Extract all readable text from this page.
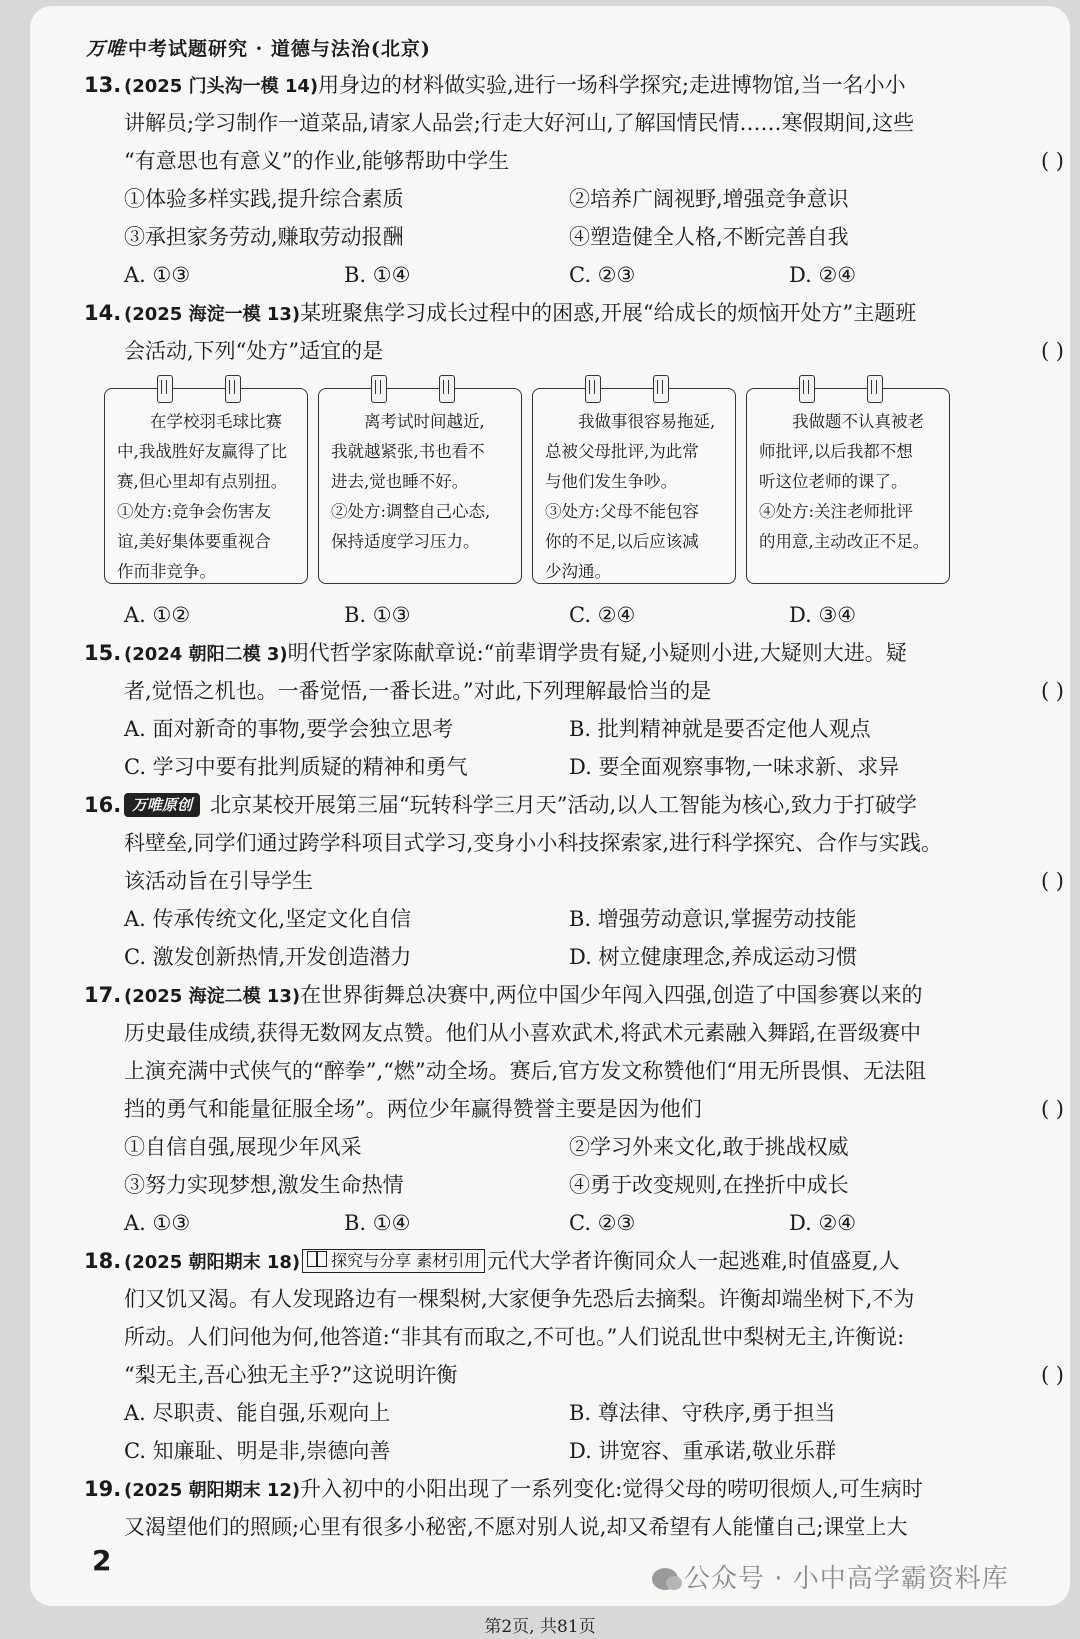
万唯 中考试题研究 · 道德与法治(北京)
13. (2025 门头沟一模 14)用身边的材料做实验,进行一场科学探究;走进博物馆,当一名小小
讲解员;学习制作一道菜品,请家人品尝;行走大好河山,了解国情民情……寒假期间,这些
“有意思也有意义”的作业,能够帮助中学生	( )
①体验多样实践,提升综合素质	②培养广阔视野,增强竞争意识
③承担家务劳动,赚取劳动报酬	④塑造健全人格,不断完善自我
A. ①③	B. ①④	C. ②③	D. ②④
14. (2025 海淀一模 13)某班聚焦学习成长过程中的困惑,开展“给成长的烦恼开处方”主题班
会活动,下列“处方”适宜的是	( )
在学校羽毛球比赛
中,我战胜好友赢得了比
赛,但心里却有点别扭。
①处方:竞争会伤害友
谊,美好集体要重视合
作而非竞争。
离考试时间越近,
我就越紧张,书也看不
进去,觉也睡不好。
②处方:调整自己心态,
保持适度学习压力。
我做事很容易拖延,
总被父母批评,为此常
与他们发生争吵。
③处方:父母不能包容
你的不足,以后应该减
少沟通。
我做题不认真被老
师批评,以后我都不想
听这位老师的课了。
④处方:关注老师批评
的用意,主动改正不足。
A. ①②	B. ①③	C. ②④	D. ③④
15. (2024 朝阳二模 3)明代哲学家陈献章说:“前辈谓学贵有疑,小疑则小进,大疑则大进。疑
者,觉悟之机也。一番觉悟,一番长进。”对此,下列理解最恰当的是	( )
A. 面对新奇的事物,要学会独立思考	B. 批判精神就是要否定他人观点
C. 学习中要有批判质疑的精神和勇气	D. 要全面观察事物,一味求新、求异
16. 万唯原创 北京某校开展第三届“玩转科学三月天”活动,以人工智能为核心,致力于打破学
科壁垒,同学们通过跨学科项目式学习,变身小小科技探索家,进行科学探究、合作与实践。
该活动旨在引导学生	( )
A. 传承传统文化,坚定文化自信	B. 增强劳动意识,掌握劳动技能
C. 激发创新热情,开发创造潜力	D. 树立健康理念,养成运动习惯
17. (2025 海淀二模 13)在世界街舞总决赛中,两位中国少年闯入四强,创造了中国参赛以来的
历史最佳成绩,获得无数网友点赞。他们从小喜欢武术,将武术元素融入舞蹈,在晋级赛中
上演充满中式侠气的“醉拳”,“燃”动全场。赛后,官方发文称赞他们“用无所畏惧、无法阻
挡的勇气和能量征服全场”。两位少年赢得赞誉主要是因为他们	( )
①自信自强,展现少年风采	②学习外来文化,敢于挑战权威
③努力实现梦想,激发生命热情	④勇于改变规则,在挫折中成长
A. ①③	B. ①④	C. ②③	D. ②④
18. (2025 朝阳期末 18) 探究与分享 素材引用 元代大学者许衡同众人一起逃难,时值盛夏,人
们又饥又渴。有人发现路边有一棵梨树,大家便争先恐后去摘梨。许衡却端坐树下,不为
所动。人们问他为何,他答道:“非其有而取之,不可也。”人们说乱世中梨树无主,许衡说:
“梨无主,吾心独无主乎?”这说明许衡	( )
A. 尽职责、能自强,乐观向上	B. 尊法律、守秩序,勇于担当
C. 知廉耻、明是非,崇德向善	D. 讲宽容、重承诺,敬业乐群
19. (2025 朝阳期末 12)升入初中的小阳出现了一系列变化:觉得父母的唠叨很烦人,可生病时
又渴望他们的照顾;心里有很多小秘密,不愿对别人说,却又希望有人能懂自己;课堂上大
2
公众号 · 小中高学霸资料库
第2页, 共81页
